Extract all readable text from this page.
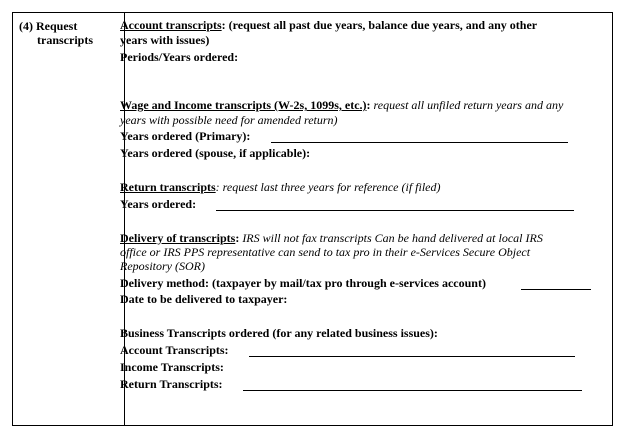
(4) Request
transcripts
Account transcripts: (request all past due years, balance due years, and any other
years with issues)
Periods/Years ordered:
Wage and Income transcripts (W-2s, 1099s, etc.): request all unfiled return years and any
years with possible need for amended return)
Years ordered (Primary):
Years ordered (spouse, if applicable):
Return transcripts: request last three years for reference (if filed)
Years ordered:
Delivery of transcripts: IRS will not fax transcripts Can be hand delivered at local IRS
office or IRS PPS representative can send to tax pro in their e-Services Secure Object
Repository (SOR)
Delivery method: (taxpayer by mail/tax pro through e-services account)
Date to be delivered to taxpayer:
Business Transcripts ordered (for any related business issues):
Account Transcripts:
Income Transcripts:
Return Transcripts:
